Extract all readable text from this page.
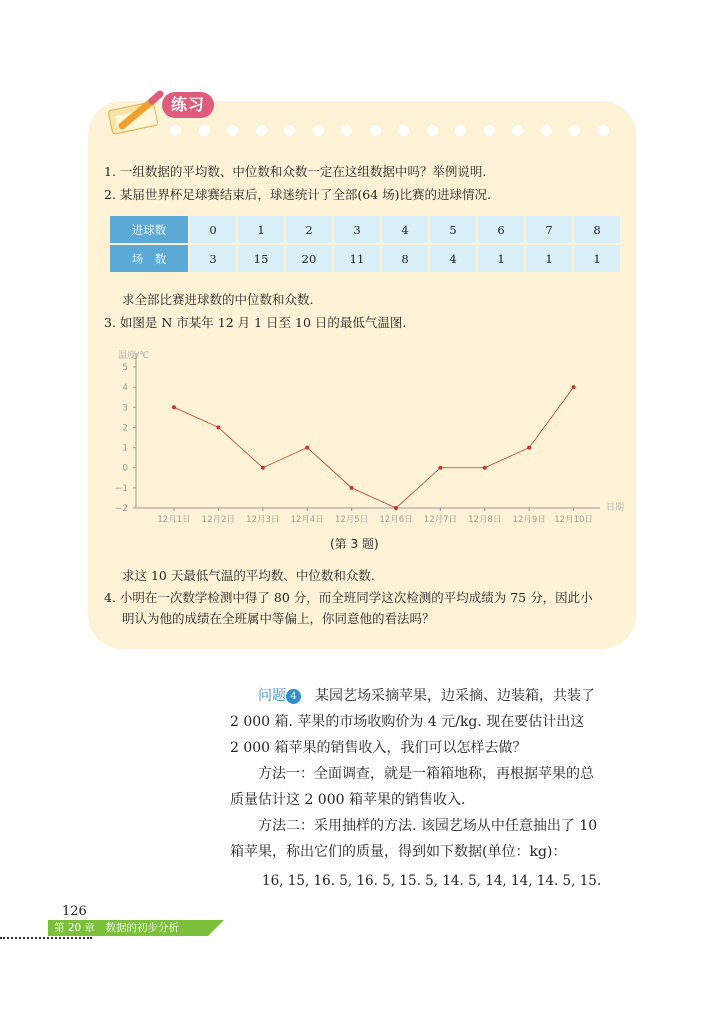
练习
1. 一组数据的平均数、中位数和众数一定在这组数据中吗？举例说明.
2. 某届世界杯足球赛结束后，球迷统计了全部(64 场)比赛的进球情况.
进球数	0	1	2	3	4	5	6	7	8
场　数	3	15	20	11	8	4	1	1	1
求全部比赛进球数的中位数和众数.
3. 如图是 N 市某年 12 月 1 日至 10 日的最低气温图.
5
4
3
2
1
0
−1
−2
温度/℃
日期
12月1日 12月2日 12月3日 12月4日 12月5日 12月6日 12月7日 12月8日 12月9日 12月10日
(第 3 题)
求这 10 天最低气温的平均数、中位数和众数.
4. 小明在一次数学检测中得了 80 分，而全班同学这次检测的平均成绩为 75 分，因此小
明认为他的成绩在全班属中等偏上，你同意他的看法吗？
问题 4　 某园艺场采摘苹果，边采摘、边装箱，共装了
2 000 箱. 苹果的市场收购价为 4 元/kg. 现在要估计出这
2 000 箱苹果的销售收入，我们可以怎样去做？
方法一：全面调查，就是一箱箱地称，再根据苹果的总
质量估计这 2 000 箱苹果的销售收入.
方法二：采用抽样的方法. 该园艺场从中任意抽出了 10
箱苹果，称出它们的质量，得到如下数据(单位：kg)：
16, 15, 16. 5, 16. 5, 15. 5, 14. 5, 14, 14, 14. 5, 15.
126
第 20 章　数据的初步分析
